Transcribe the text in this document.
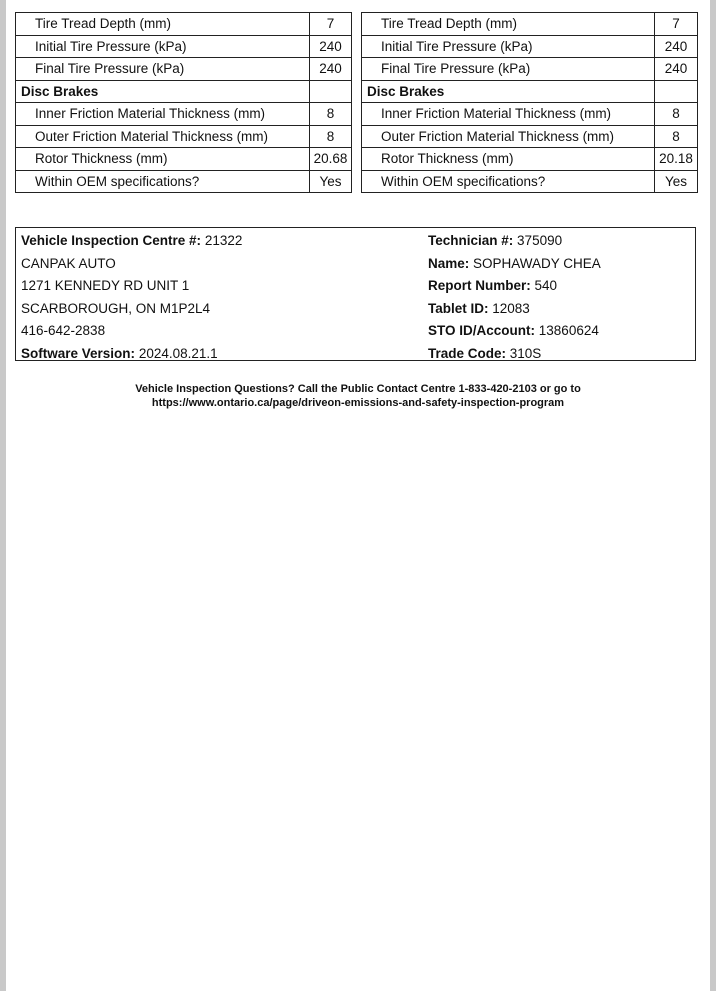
Tire Tread Depth (mm)	7
Initial Tire Pressure (kPa)	240
Final Tire Pressure (kPa)	240
Disc Brakes	
Inner Friction Material Thickness (mm)	8
Outer Friction Material Thickness (mm)	8
Rotor Thickness (mm)	20.68
Within OEM specifications?	Yes
Tire Tread Depth (mm)	7
Initial Tire Pressure (kPa)	240
Final Tire Pressure (kPa)	240
Disc Brakes	
Inner Friction Material Thickness (mm)	8
Outer Friction Material Thickness (mm)	8
Rotor Thickness (mm)	20.18
Within OEM specifications?	Yes
Vehicle Inspection Centre #: 21322
CANPAK AUTO
1271 KENNEDY RD UNIT 1
SCARBOROUGH, ON M1P2L4
416-642-2838
Software Version: 2024.08.21.1
Technician #: 375090
Name: SOPHAWADY CHEA
Report Number: 540
Tablet ID: 12083
STO ID/Account: 13860624
Trade Code: 310S
Vehicle Inspection Questions? Call the Public Contact Centre 1-833-420-2103 or go to
https://www.ontario.ca/page/driveon-emissions-and-safety-inspection-program
